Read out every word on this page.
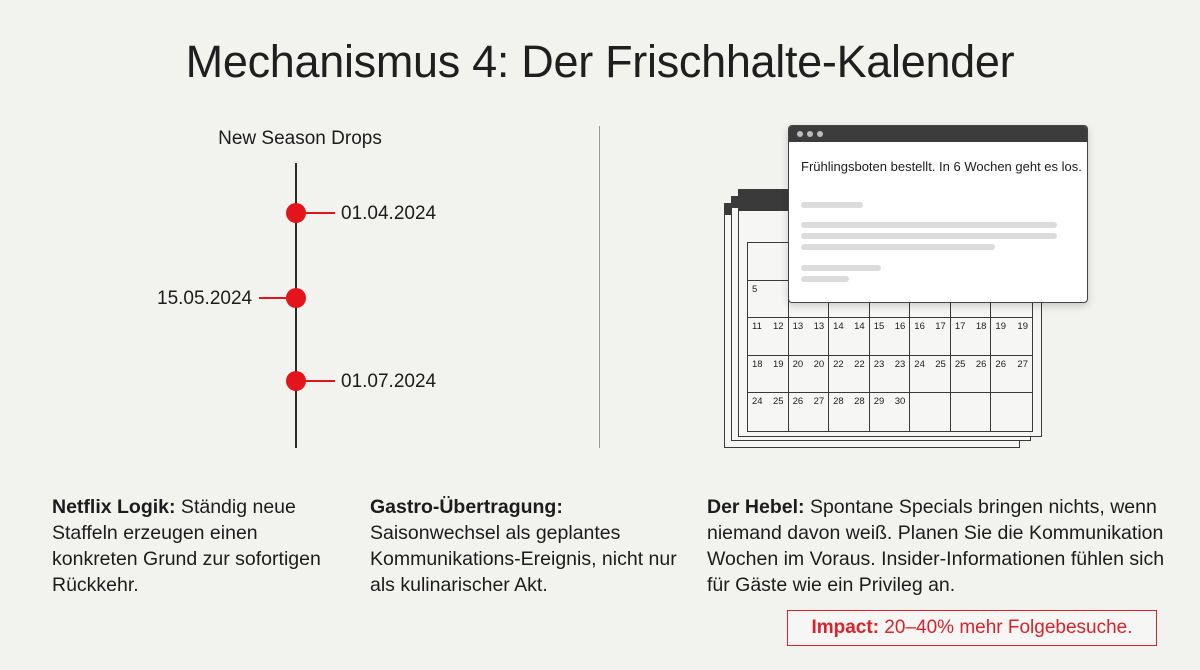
Mechanismus 4: Der Frischhalte-Kalender
New Season Drops
01.04.2024
15.05.2024
01.07.2024
5
11 12 13 13 14 14 15 16 16 17 17 18 19 19
18 19 20 20 22 22 23 23 24 25 25 26 26 27
24 25 26 27 28 28 29 30
Frühlingsboten bestellt. In 6 Wochen geht es los.
Netflix Logik: Ständig neue Staffeln erzeugen einen konkreten Grund zur sofortigen Rückkehr.
Gastro-Übertragung:
Saisonwechsel als geplantes Kommunikations-Ereignis, nicht nur als kulinarischer Akt.
Der Hebel: Spontane Specials bringen nichts, wenn niemand davon weiß. Planen Sie die Kommunikation Wochen im Voraus. Insider-Informationen fühlen sich für Gäste wie ein Privileg an.
Impact: 20–40% mehr Folgebesuche.
